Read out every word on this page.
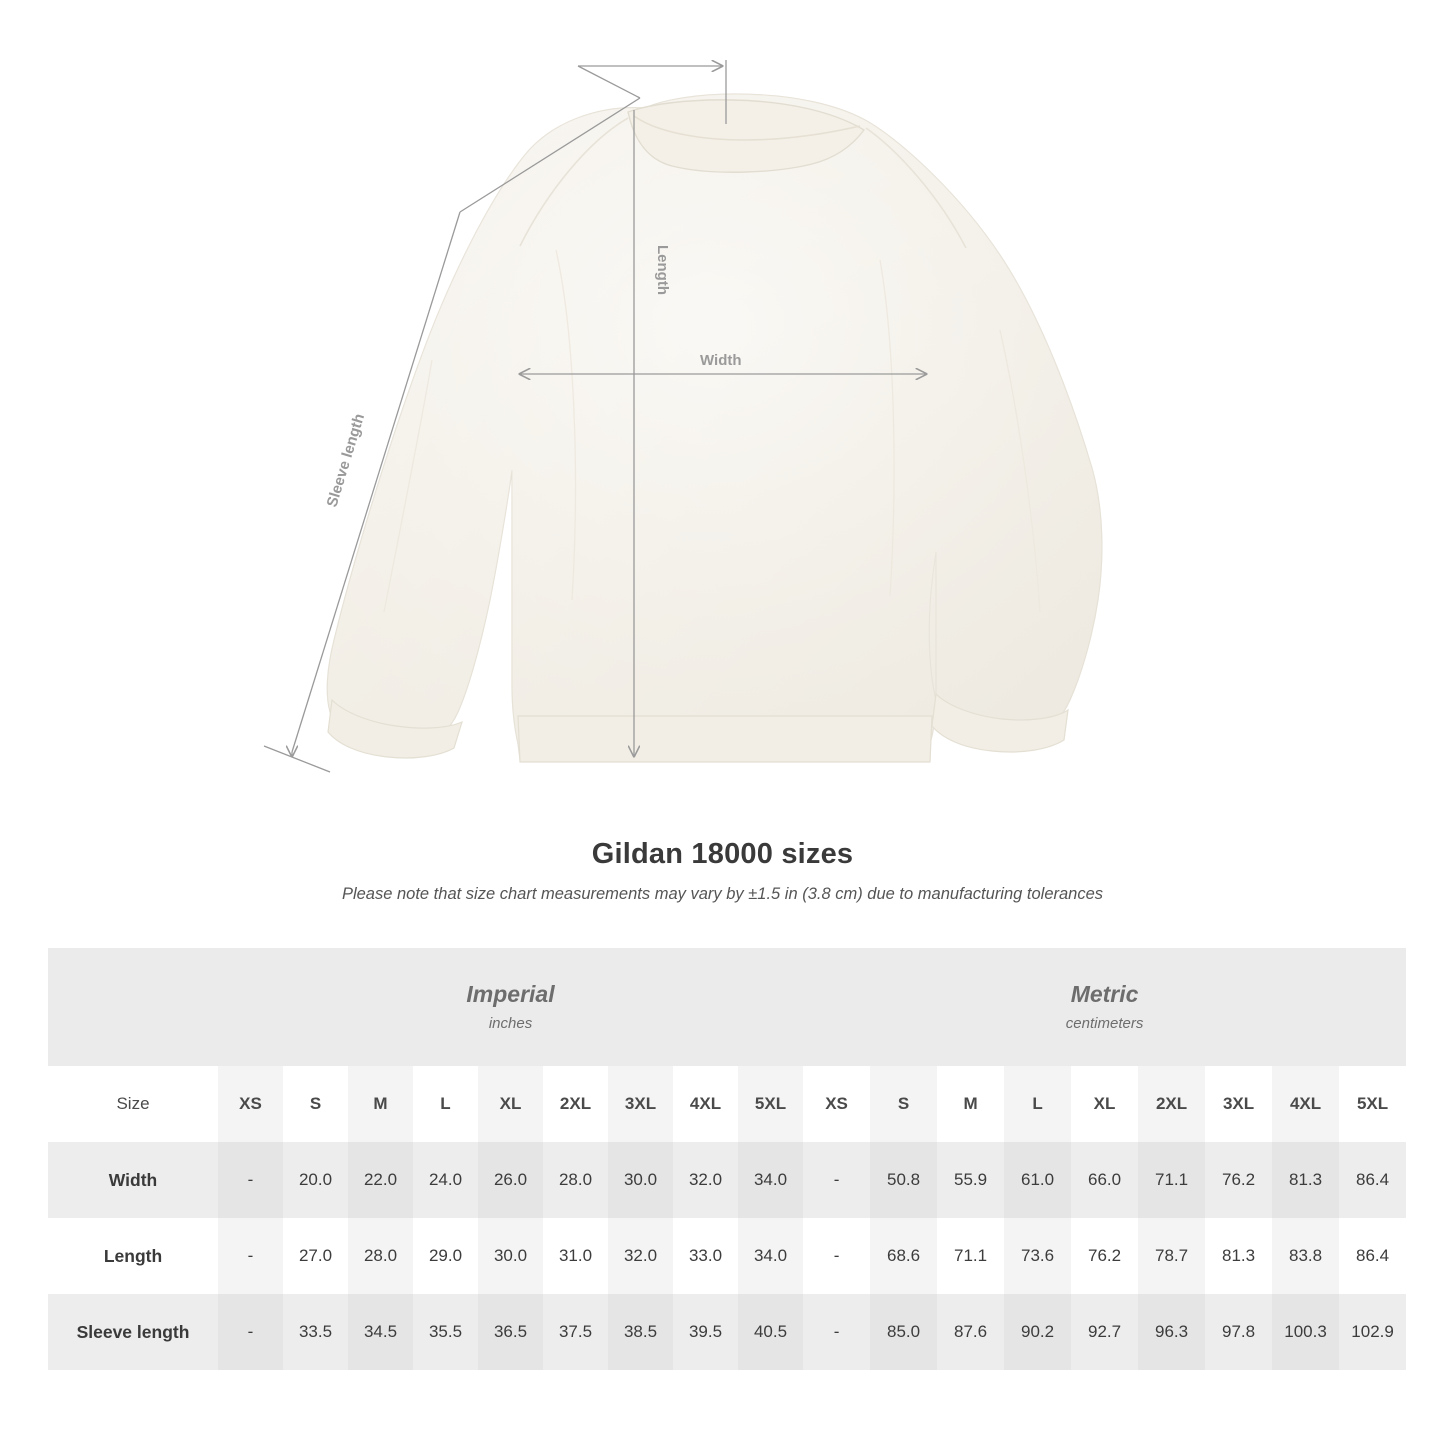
Length
Width
Sleeve length
Gildan 18000 sizes

Please note that size chart measurements may vary by ±1.5 in (3.8 cm) due to manufacturing tolerances

Imperial
inches

Metric
centimeters

Size	XS	S	M	L	XL	2XL	3XL	4XL	5XL	XS	S	M	L	XL	2XL	3XL	4XL	5XL
Width	-	20.0	22.0	24.0	26.0	28.0	30.0	32.0	34.0	-	50.8	55.9	61.0	66.0	71.1	76.2	81.3	86.4
Length	-	27.0	28.0	29.0	30.0	31.0	32.0	33.0	34.0	-	68.6	71.1	73.6	76.2	78.7	81.3	83.8	86.4
Sleeve length	-	33.5	34.5	35.5	36.5	37.5	38.5	39.5	40.5	-	85.0	87.6	90.2	92.7	96.3	97.8	100.3	102.9
